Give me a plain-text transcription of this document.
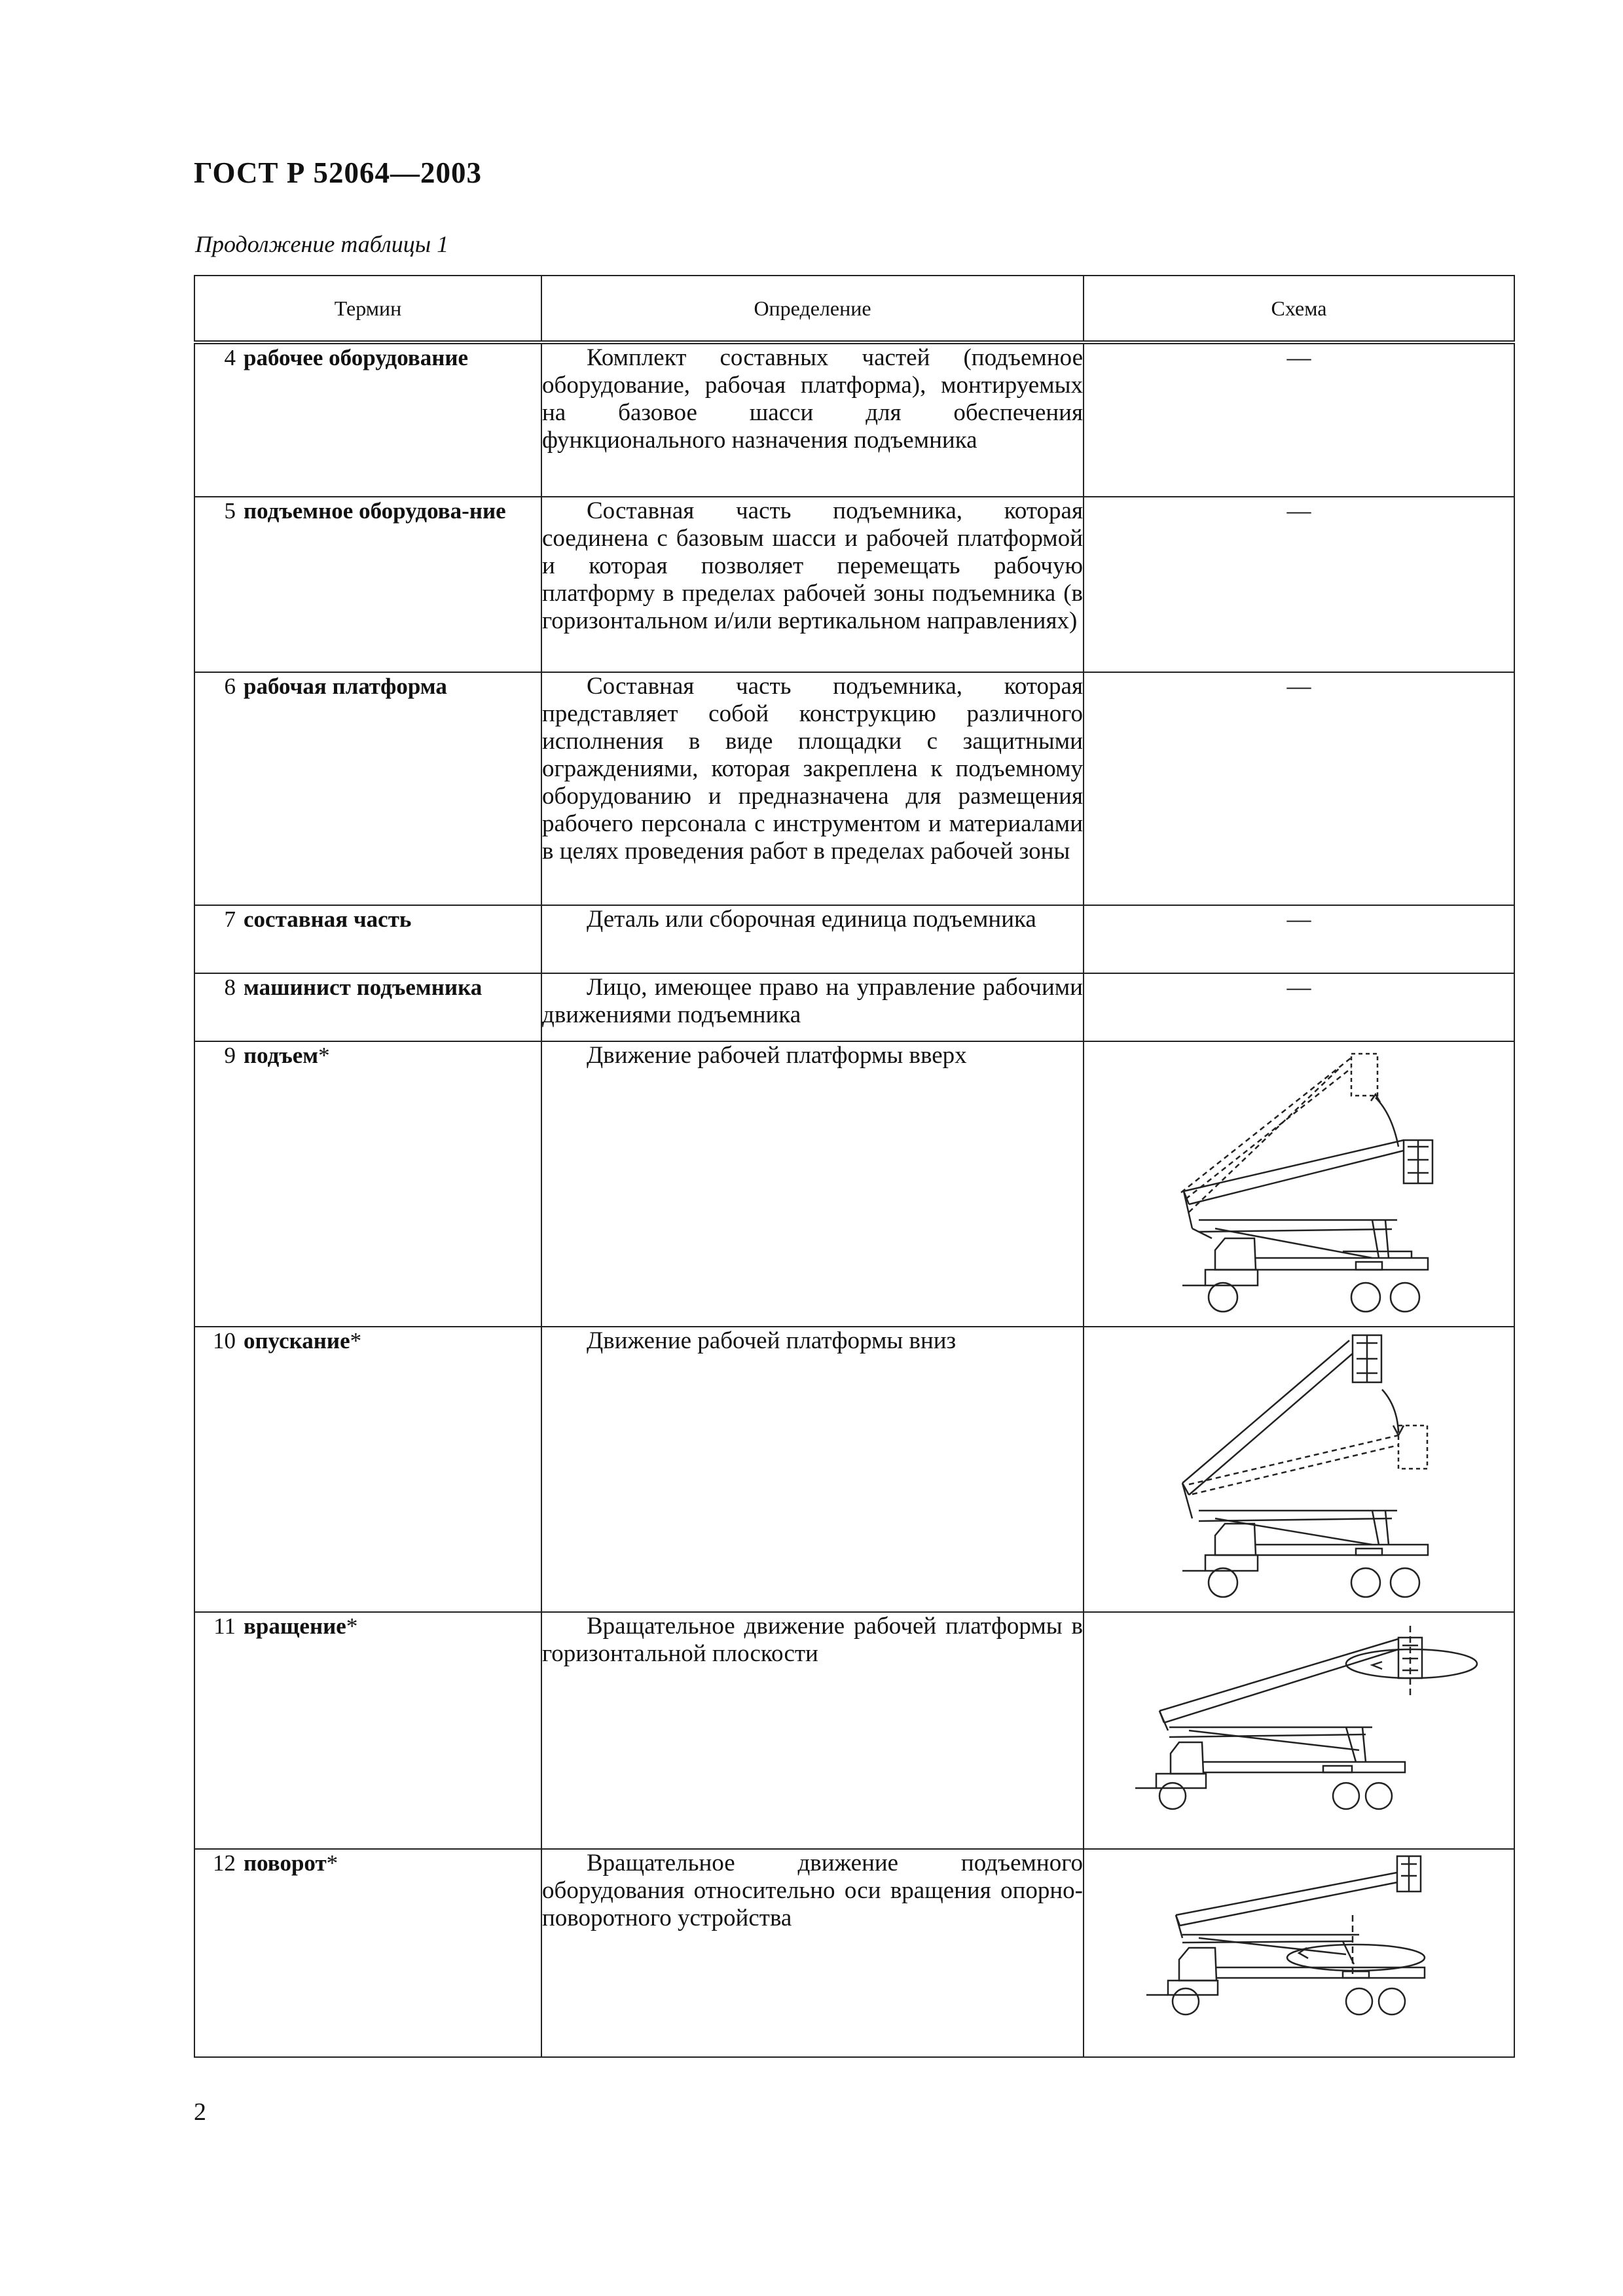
ГОСТ Р 52064—2003
Продолжение таблицы 1
Термин	Определение	Схема
4 рабочее оборудование	Комплект составных частей (подъемное оборудование, рабочая платформа), монтируемых на базовое шасси для обеспечения функционального назначения подъемника	—
5 подъемное оборудова-ние	Составная часть подъемника, которая соединена с базовым шасси и рабочей платформой и которая позволяет перемещать рабочую платформу в пределах рабочей зоны подъемника (в горизонтальном и/или вертикальном направлениях)	—
6 рабочая платформа	Составная часть подъемника, которая представляет собой конструкцию различного исполнения в виде площадки с защитными ограждениями, которая закреплена к подъемному оборудованию и предназначена для размещения рабочего персонала с инструментом и материалами в целях проведения работ в пределах рабочей зоны	—
7 составная часть	Деталь или сборочная единица подъемника	—
8 машинист подъемника	Лицо, имеющее право на управление рабочими движениями подъемника	—
9 подъем*	Движение рабочей платформы вверх

10 опускание*	Движение рабочей платформы вниз

11 вращение*	Вращательное движение рабочей платформы в горизонтальной плоскости

12 поворот*	Вращательное движение подъемного оборудования относительно оси вращения опорно-поворотного устройства

2
